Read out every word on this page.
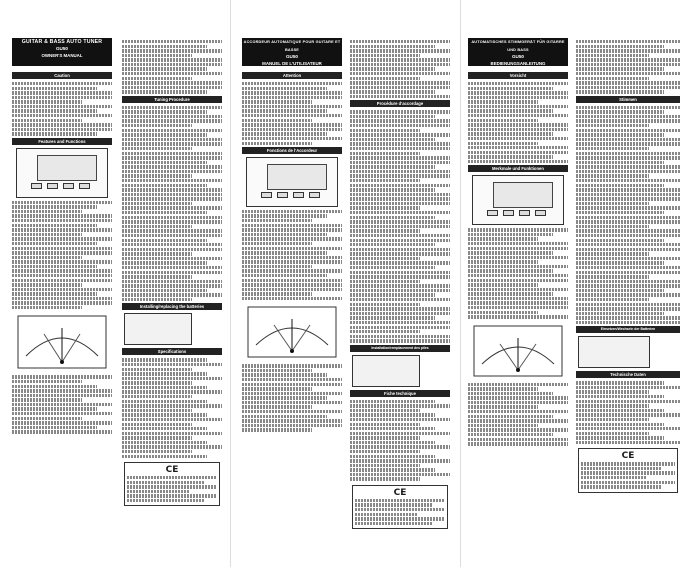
GUITAR & BASS AUTO TUNER
GU50
OWNER'S MANUAL
Caution
Features and Functions
Tuning Procedure
Installing/replacing the batteries
Specifications
CE
ACCORDEUR AUTOMATIQUE POUR GUITARE ET BASSE
GU50
MANUEL DE L'UTILISATEUR
Attention
Fonctions de l'Accordeur
Procédure d'accordage
Installation/remplacement des piles
Fiche technique
CE
AUTOMATISCHES STIMMGERÄT FÜR GITARRE UND BASS
GU50
BEDIENUNGSANLEITUNG
Vorsicht
Merkmale und Funktionen
Stimmen
Einsetzen/Wechseln der Batterien
Technische Daten
CE
